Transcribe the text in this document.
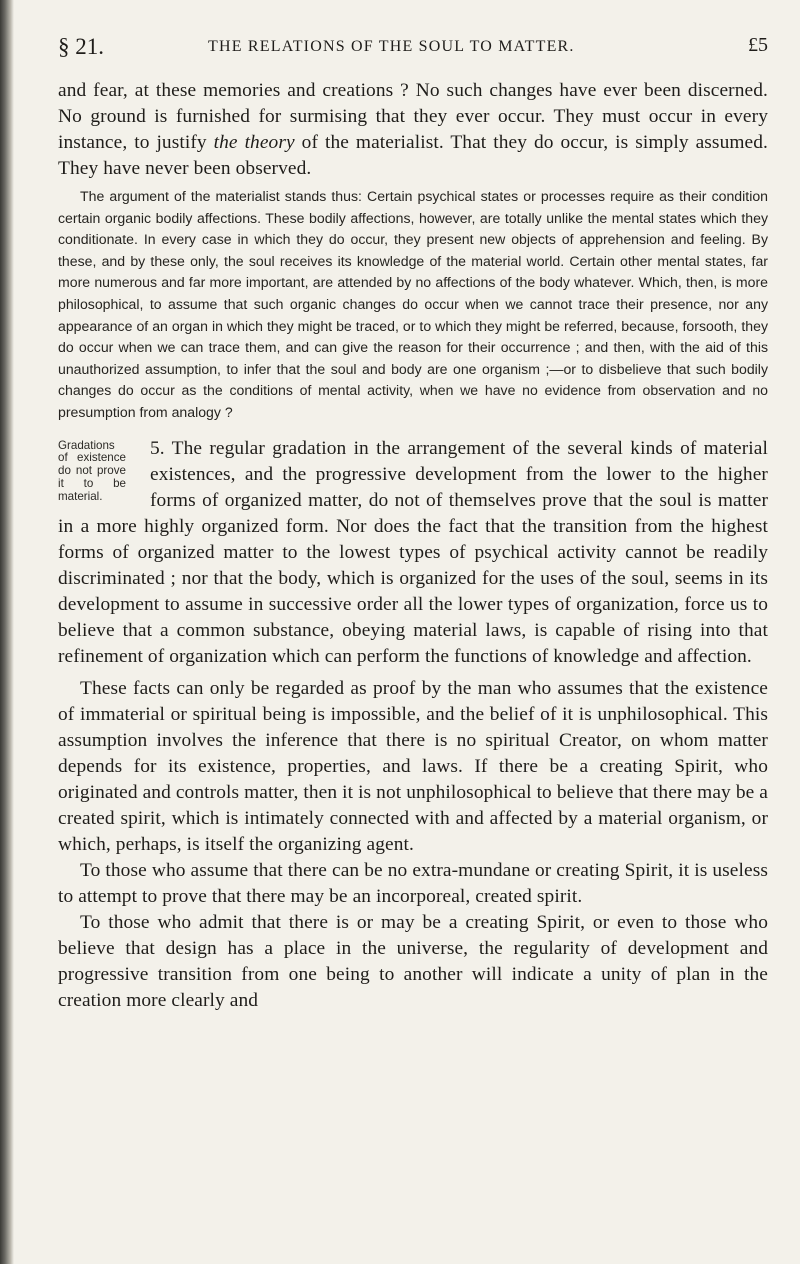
§ 21.	THE RELATIONS OF THE SOUL TO MATTER.	£5

and fear, at these memories and creations ? No such changes have ever been discerned. No ground is furnished for surmising that they ever occur. They must occur in every instance, to justify the theory of the materialist. That they do occur, is simply assumed. They have never been observed.

The argument of the materialist stands thus: Certain psychical states or processes require as their condition certain organic bodily affections. These bodily affections, however, are totally unlike the mental states which they conditionate. In every case in which they do occur, they present new objects of apprehension and feeling. By these, and by these only, the soul receives its knowledge of the material world. Certain other mental states, far more numerous and far more important, are attended by no affections of the body whatever. Which, then, is more philosophical, to assume that such organic changes do occur when we cannot trace their presence, nor any appearance of an organ in which they might be traced, or to which they might be referred, because, forsooth, they do occur when we can trace them, and can give the reason for their occurrence ; and then, with the aid of this unauthorized assumption, to infer that the soul and body are one organism ;—or to disbelieve that such bodily changes do occur as the conditions of mental activity, when we have no evidence from observation and no presumption from analogy ?

Gradations of existence do not prove it to be material.

5. The regular gradation in the arrangement of the several kinds of material existences, and the progressive development from the lower to the higher forms of organized matter, do not of themselves prove that the soul is matter in a more highly organized form. Nor does the fact that the transition from the highest forms of organized matter to the lowest types of psychical activity cannot be readily discriminated ; nor that the body, which is organized for the uses of the soul, seems in its development to assume in successive order all the lower types of organization, force us to believe that a common substance, obeying material laws, is capable of rising into that refinement of organization which can perform the functions of knowledge and affection.

These facts can only be regarded as proof by the man who assumes that the existence of immaterial or spiritual being is impossible, and the belief of it is unphilosophical. This assumption involves the inference that there is no spiritual Creator, on whom matter depends for its existence, properties, and laws. If there be a creating Spirit, who originated and controls matter, then it is not unphilosophical to believe that there may be a created spirit, which is intimately connected with and affected by a material organism, or which, perhaps, is itself the organizing agent.

To those who assume that there can be no extra-mundane or creating Spirit, it is useless to attempt to prove that there may be an incorporeal, created spirit.

To those who admit that there is or may be a creating Spirit, or even to those who believe that design has a place in the universe, the regularity of development and progressive transition from one being to another will indicate a unity of plan in the creation more clearly and
